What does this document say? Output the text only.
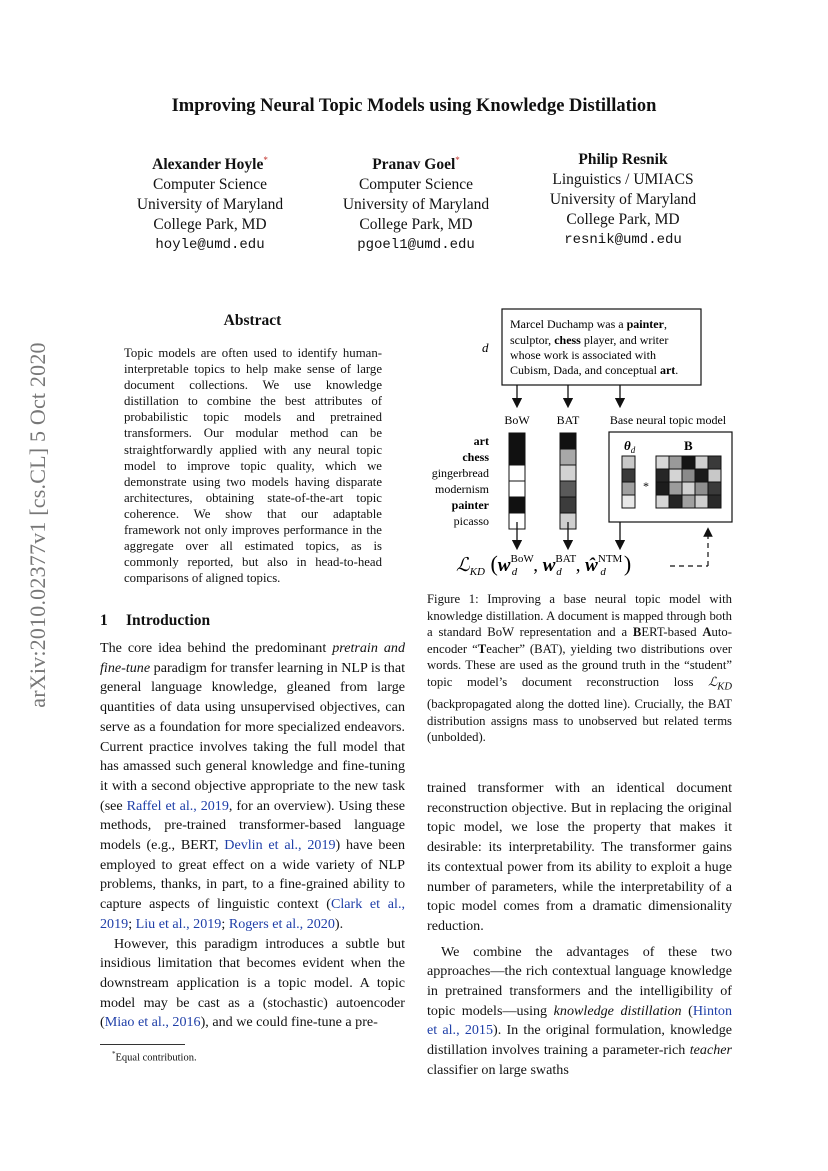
arXiv:2010.02377v1 [cs.CL] 5 Oct 2020
Improving Neural Topic Models using Knowledge Distillation
Alexander Hoyle*
Computer Science
University of Maryland
College Park, MD
hoyle@umd.edu
Pranav Goel*
Computer Science
University of Maryland
College Park, MD
pgoel1@umd.edu
Philip Resnik
Linguistics / UMIACS
University of Maryland
College Park, MD
resnik@umd.edu
Abstract
Topic models are often used to identify human-interpretable topics to help make sense of large document collections. We use knowledge distillation to combine the best attributes of probabilistic topic models and pretrained transformers. Our modular method can be straightforwardly applied with any neural topic model to improve topic quality, which we demonstrate using two models having disparate architectures, obtaining state-of-the-art topic coherence. We show that our adaptable framework not only improves performance in the aggregate over all estimated topics, as is commonly reported, but also in head-to-head comparisons of aligned topics.
1 Introduction

The core idea behind the predominant pretrain and fine-tune paradigm for transfer learning in NLP is that general language knowledge, gleaned from large quantities of data using unsupervised objectives, can serve as a foundation for more specialized endeavors. Current practice involves taking the full model that has amassed such general knowledge and fine-tuning it with a second objective appropriate to the new task (see Raffel et al., 2019, for an overview). Using these methods, pre-trained transformer-based language models (e.g., BERT, Devlin et al., 2019) have been employed to great effect on a wide variety of NLP problems, thanks, in part, to a fine-grained ability to capture aspects of linguistic context (Clark et al., 2019; Liu et al., 2019; Rogers et al., 2020).

However, this paradigm introduces a subtle but insidious limitation that becomes evident when the downstream application is a topic model. A topic model may be cast as a (stochastic) autoencoder (Miao et al., 2016), and we could fine-tune a pre-

*Equal contribution.
d
Marcel Duchamp was a painter,
sculptor, chess player, and writer
whose work is associated with
Cubism, Dada, and conceptual art.
BoW BAT	Base neural topic model
art
chess
gingerbread
modernism
painter
picasso
$\theta_d$	B
*
ℒ$_{KD}$ ($w^{BoW}$ d , $w^{BAT}$ d , $ŵ^{NTM}$ d )
Figure 1: Improving a base neural topic model with knowledge distillation. A document is mapped through both a standard BoW representation and a BERT-based Auto-encoder “Teacher” (BAT), yielding two distributions over words. These are used as the ground truth in the “student” topic model’s document reconstruction loss ℒ$_{KD}$ (backpropagated along the dotted line). Crucially, the BAT distribution assigns mass to unobserved but related terms (unbolded).

trained transformer with an identical document reconstruction objective. But in replacing the original topic model, we lose the property that makes it desirable: its interpretability. The transformer gains its contextual power from its ability to exploit a huge number of parameters, while the interpretability of a topic model comes from a dramatic dimensionality reduction.

We combine the advantages of these two approaches—the rich contextual language knowledge in pretrained transformers and the intelligibility of topic models—using knowledge distillation (Hinton et al., 2015). In the original formulation, knowledge distillation involves training a parameter-rich teacher classifier on large swaths
